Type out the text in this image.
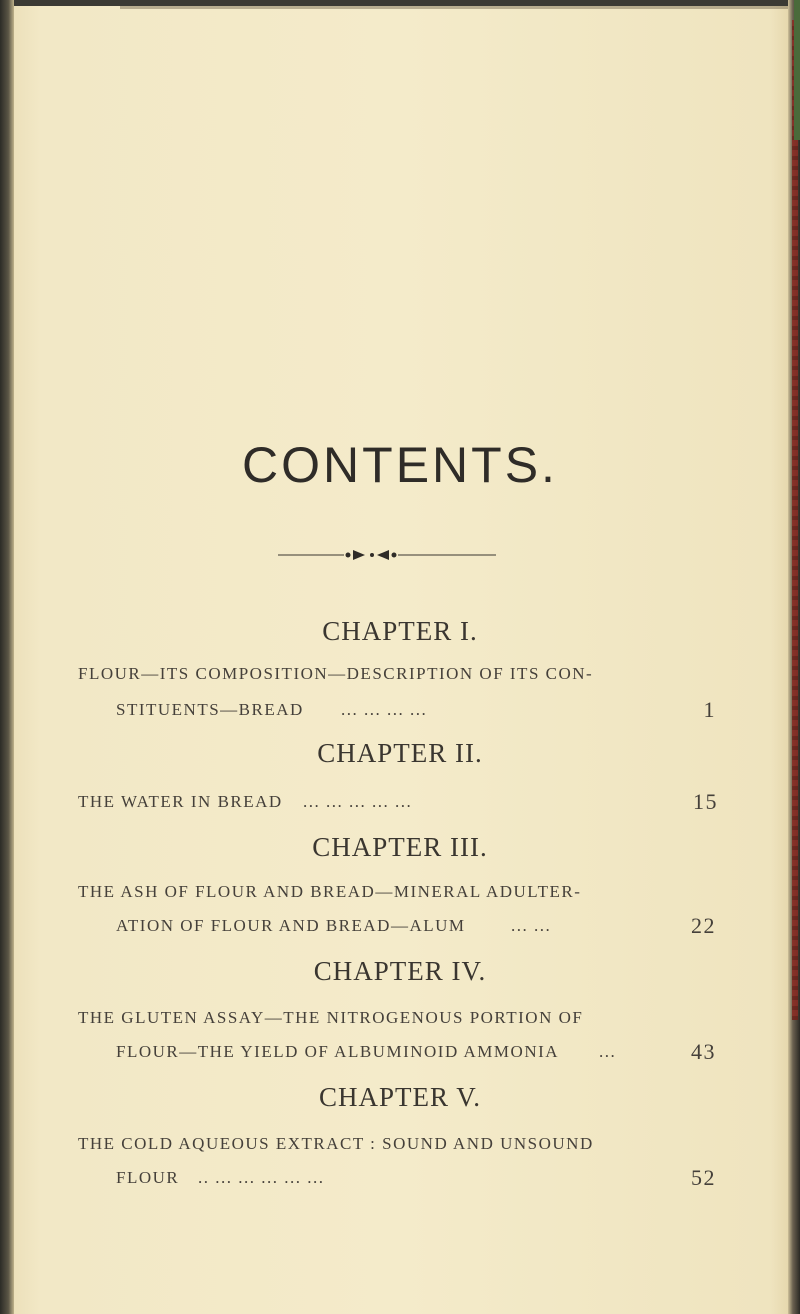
CONTENTS.
CHAPTER I.
FLOUR—ITS COMPOSITION—DESCRIPTION OF ITS CON-
STITUENTS—BREAD ... ... ... ...	1
CHAPTER II.
THE WATER IN BREAD ... ... ... ... ...	15
CHAPTER III.
THE ASH OF FLOUR AND BREAD—MINERAL ADULTER-
ATION OF FLOUR AND BREAD—ALUM	... ...	22
CHAPTER IV.
THE GLUTEN ASSAY—THE NITROGENOUS PORTION OF
FLOUR—THE YIELD OF ALBUMINOID AMMONIA ...	43
CHAPTER V.
THE COLD AQUEOUS EXTRACT : SOUND AND UNSOUND
FLOUR .. ... ... ... ... ...	52
